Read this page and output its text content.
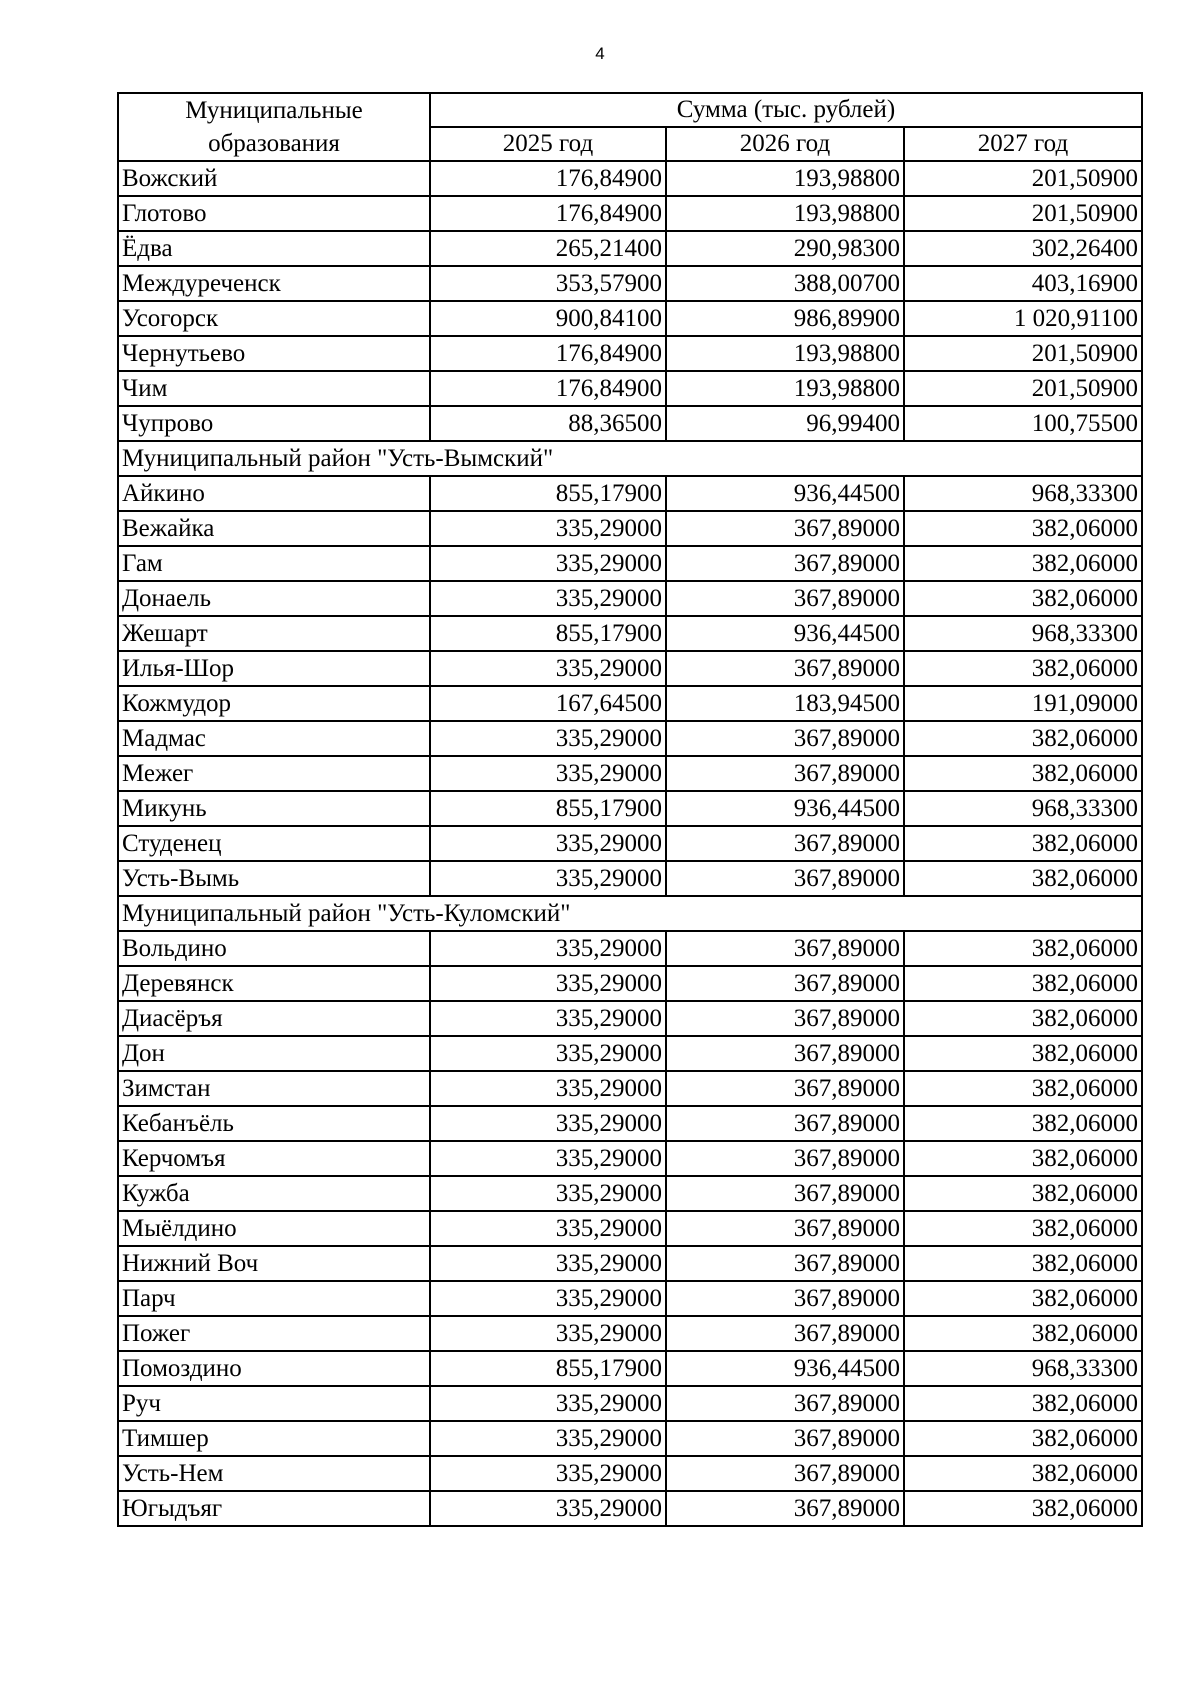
4
Муниципальные образования	Сумма (тыс. рублей)		
	2025 год	2026 год	2027 год
Вожский	176,84900	193,98800	201,50900
Глотово	176,84900	193,98800	201,50900
Ёдва	265,21400	290,98300	302,26400
Междуреченск	353,57900	388,00700	403,16900
Усогорск	900,84100	986,89900	1 020,91100
Чернутьево	176,84900	193,98800	201,50900
Чим	176,84900	193,98800	201,50900
Чупрово	88,36500	96,99400	100,75500
Муниципальный район "Усть-Вымский"			
Айкино	855,17900	936,44500	968,33300
Вежайка	335,29000	367,89000	382,06000
Гам	335,29000	367,89000	382,06000
Донаель	335,29000	367,89000	382,06000
Жешарт	855,17900	936,44500	968,33300
Илья-Шор	335,29000	367,89000	382,06000
Кожмудор	167,64500	183,94500	191,09000
Мадмас	335,29000	367,89000	382,06000
Межег	335,29000	367,89000	382,06000
Микунь	855,17900	936,44500	968,33300
Студенец	335,29000	367,89000	382,06000
Усть-Вымь	335,29000	367,89000	382,06000
Муниципальный район "Усть-Куломский"			
Вольдино	335,29000	367,89000	382,06000
Деревянск	335,29000	367,89000	382,06000
Диасёръя	335,29000	367,89000	382,06000
Дон	335,29000	367,89000	382,06000
Зимстан	335,29000	367,89000	382,06000
Кебанъёль	335,29000	367,89000	382,06000
Керчомъя	335,29000	367,89000	382,06000
Кужба	335,29000	367,89000	382,06000
Мыёлдино	335,29000	367,89000	382,06000
Нижний Воч	335,29000	367,89000	382,06000
Парч	335,29000	367,89000	382,06000
Пожег	335,29000	367,89000	382,06000
Помоздино	855,17900	936,44500	968,33300
Руч	335,29000	367,89000	382,06000
Тимшер	335,29000	367,89000	382,06000
Усть-Нем	335,29000	367,89000	382,06000
Югыдъяг	335,29000	367,89000	382,06000
